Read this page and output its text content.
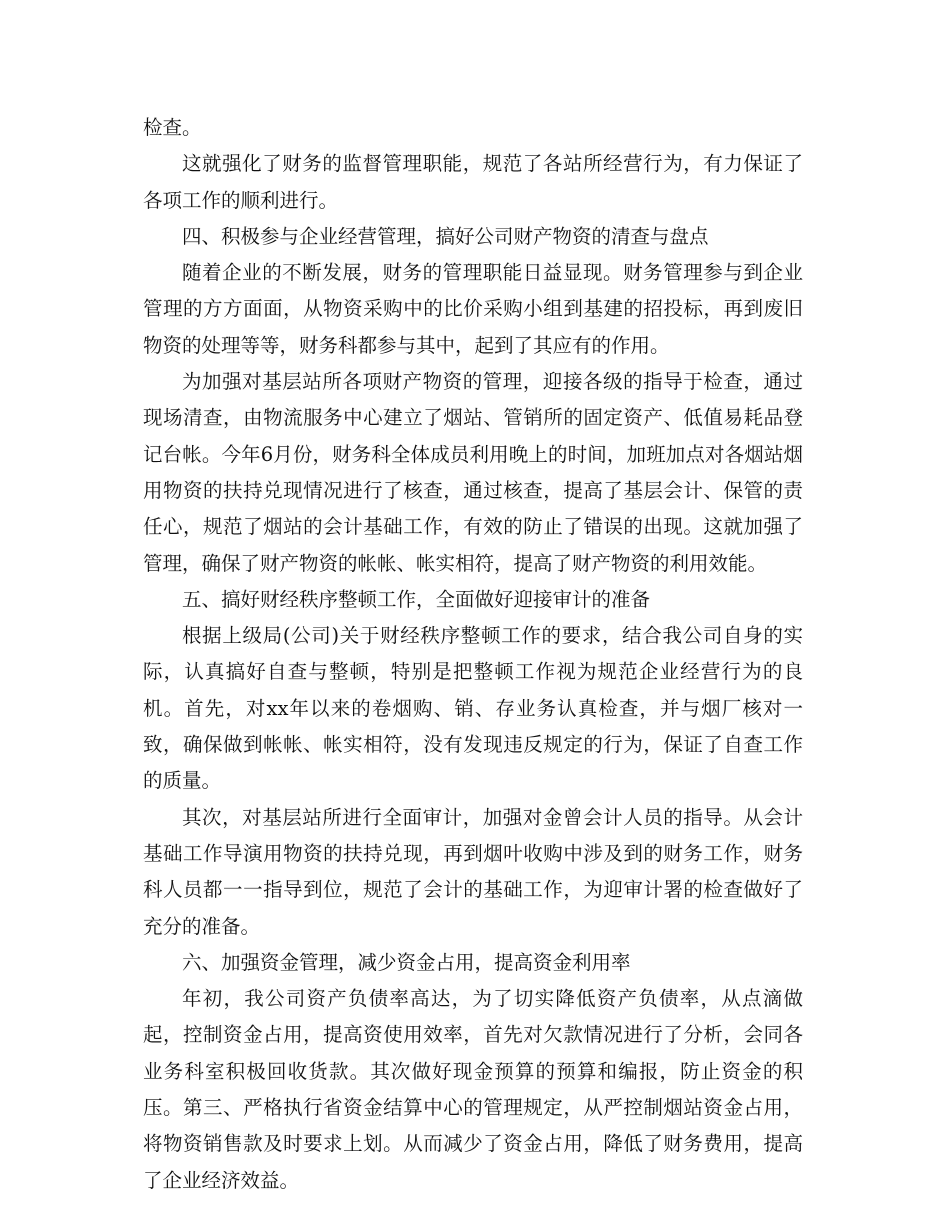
检查。

这就强化了财务的监督管理职能，规范了各站所经营行为，有力保证了各项工作的顺利进行。

四、积极参与企业经营管理，搞好公司财产物资的清查与盘点

随着企业的不断发展，财务的管理职能日益显现。财务管理参与到企业管理的方方面面，从物资采购中的比价采购小组到基建的招投标，再到废旧物资的处理等等，财务科都参与其中，起到了其应有的作用。

为加强对基层站所各项财产物资的管理，迎接各级的指导于检查，通过现场清查，由物流服务中心建立了烟站、管销所的固定资产、低值易耗品登记台帐。今年6月份，财务科全体成员利用晚上的时间，加班加点对各烟站烟用物资的扶持兑现情况进行了核查，通过核查，提高了基层会计、保管的责任心，规范了烟站的会计基础工作，有效的防止了错误的出现。这就加强了管理，确保了财产物资的帐帐、帐实相符，提高了财产物资的利用效能。

五、搞好财经秩序整顿工作，全面做好迎接审计的准备

根据上级局(公司)关于财经秩序整顿工作的要求，结合我公司自身的实际，认真搞好自查与整顿，特别是把整顿工作视为规范企业经营行为的良机。首先，对xx年以来的卷烟购、销、存业务认真检查，并与烟厂核对一致，确保做到帐帐、帐实相符，没有发现违反规定的行为，保证了自查工作的质量。

其次，对基层站所进行全面审计，加强对金曾会计人员的指导。从会计基础工作导演用物资的扶持兑现，再到烟叶收购中涉及到的财务工作，财务科人员都一一指导到位，规范了会计的基础工作，为迎审计署的检查做好了充分的准备。

六、加强资金管理，减少资金占用，提高资金利用率

年初，我公司资产负债率高达，为了切实降低资产负债率，从点滴做起，控制资金占用，提高资使用效率，首先对欠款情况进行了分析，会同各业务科室积极回收货款。其次做好现金预算的预算和编报，防止资金的积压。第三、严格执行省资金结算中心的管理规定，从严控制烟站资金占用，将物资销售款及时要求上划。从而减少了资金占用，降低了财务费用，提高了企业经济效益。
